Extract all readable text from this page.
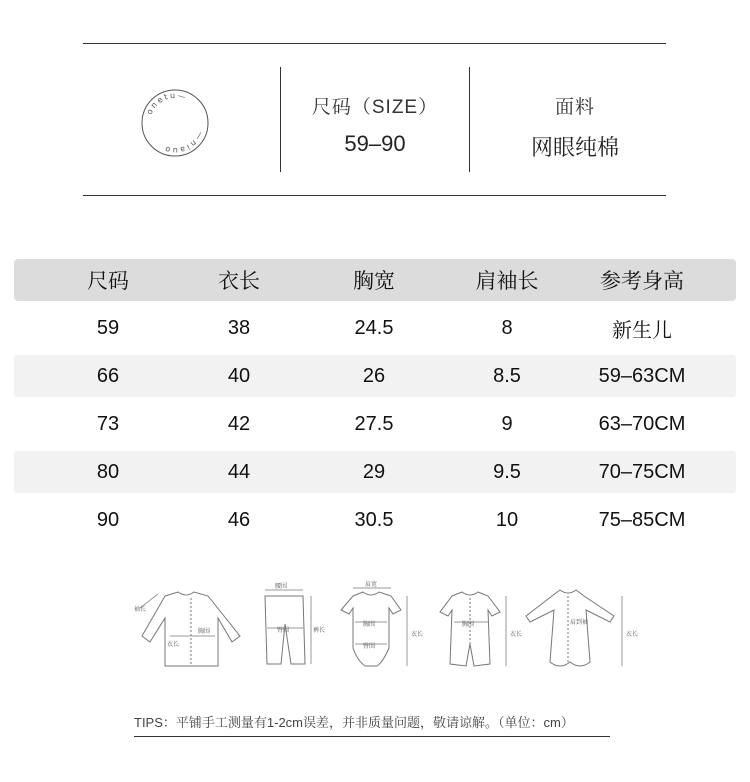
onetu—
—niauo
尺码（SIZE）
59–90
面料
网眼纯棉
尺码	衣长	胸宽	肩袖长	参考身高
59	38	24.5	8	新生儿
66	40	26	8.5	59–63CM
73	42	27.5	9	63–70CM
80	44	29	9.5	70–75CM
90	46	30.5	10	75–85CM
袖长
衣长
胸围
腰围
臀围	裤长
肩宽
胸围
臀围
衣长
胸围
衣长
肩到袖
衣长
TIPS：平铺手工测量有1-2cm误差，并非质量问题，敬请谅解。（单位：cm）
